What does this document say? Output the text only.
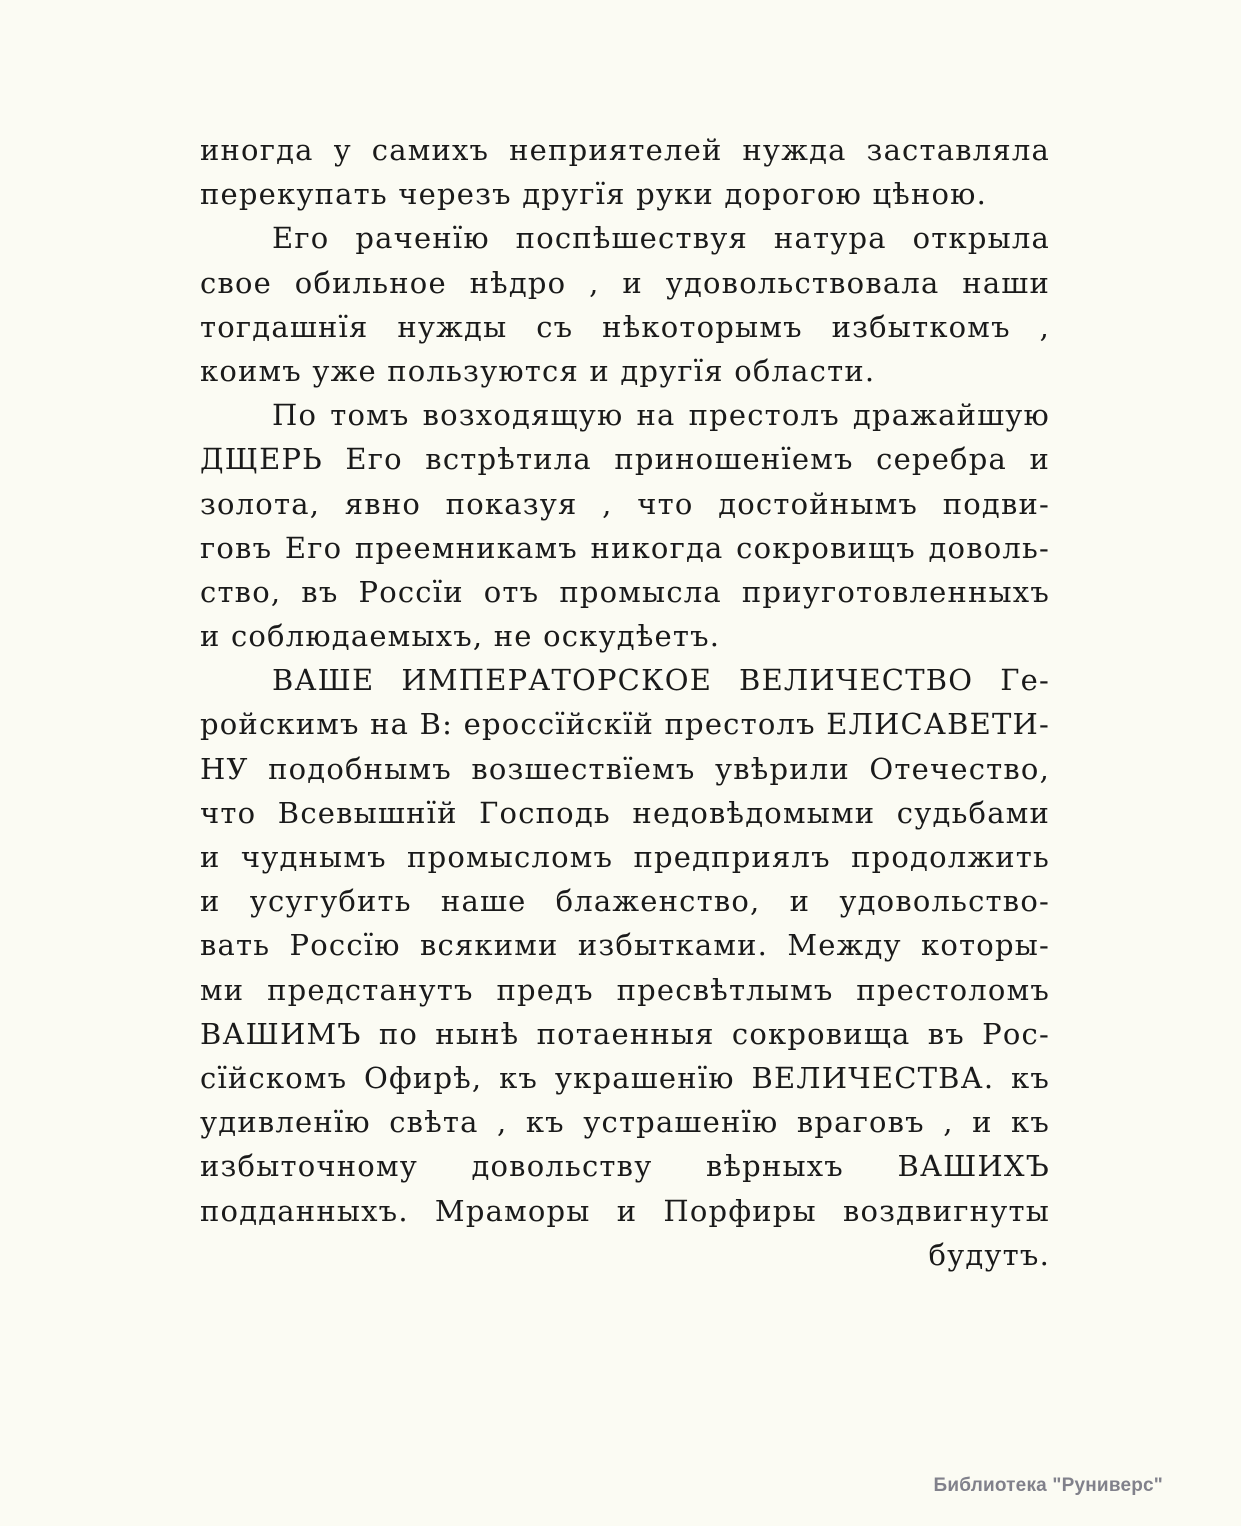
иногда у самихъ неприятелей нужда заставляла
перекупать черезъ другїя руки дорогою цѣною.
Его раченїю поспѣшествуя натура открыла
свое обильное нѣдро , и удовольствовала наши
тогдашнїя нужды съ нѣкоторымъ избыткомъ ,
коимъ уже пользуются и другїя области.
По томъ возходящую на престолъ дражайшую
ДЩЕРЬ Его встрѣтила приношенїемъ серебра и
золота, явно показуя , что достойнымъ подви-
говъ Его преемникамъ никогда сокровищъ доволь-
ство, въ Россїи отъ промысла приуготовленныхъ
и соблюдаемыхъ, не оскудѣетъ.
ВАШЕ ИМПЕРАТОРСКОЕ ВЕЛИЧЕСТВО Ге-
ройскимъ на В: ероссїйскїй престолъ ЕЛИСАВЕТИ-
НУ подобнымъ возшествїемъ увѣрили Отечество,
что Всевышнїй Господь недовѣдомыми судьбами
и чуднымъ промысломъ предприялъ продолжить
и усугубить наше блаженство, и удовольство-
вать Россїю всякими избытками. Между которы-
ми предстанутъ предъ пресвѣтлымъ престоломъ
ВАШИМЪ по нынѣ потаенныя сокровища въ Рос-
сїйскомъ Офирѣ, къ украшенїю ВЕЛИЧЕСТВА. къ
удивленїю свѣта , къ устрашенїю враговъ , и къ
избыточному довольству вѣрныхъ ВАШИХЪ
подданныхъ. Мраморы и Порфиры воздвигнуты
будутъ.
Библиотека "Руниверс"
